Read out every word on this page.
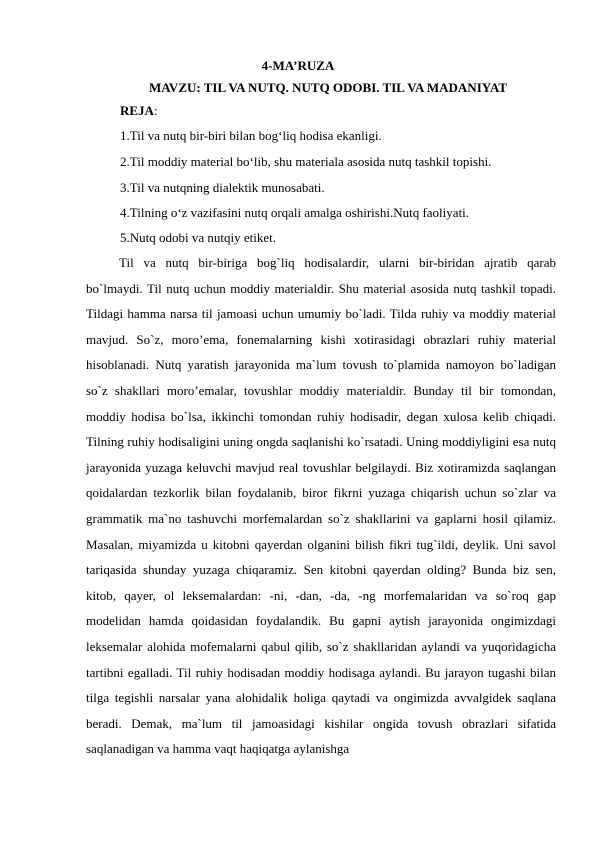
4-MA’RUZA
MAVZU: TIL VA NUTQ. NUTQ ODOBI. TIL VA MADANIYAT
REJA:
1.Til va nutq bir-biri bilan bog‘liq hodisa ekanligi.
2.Til moddiy material bo‘lib, shu materiala asosida nutq tashkil topishi.
3.Til va nutqning dialektik munosabati.
4.Tilning o‘z vazifasini nutq orqali amalga oshirishi.Nutq faoliyati.
5.Nutq odobi va nutqiy etiket.

Til va nutq bir-biriga bog`liq hodisalardir, ularni bir-biridan ajratib qarab bo`lmaydi. Til nutq uchun moddiy materialdir. Shu material asosida nutq tashkil topadi. Tildagi hamma narsa til jamoasi uchun umumiy bo`ladi. Tilda ruhiy va moddiy material mavjud. So`z, moro’ema, fonemalarning kishi xotirasidagi obrazlari ruhiy material hisoblanadi. Nutq yaratish jarayonida ma`lum tovush to`plamida namoyon bo`ladigan so`z shakllari moro’emalar, tovushlar moddiy materialdir. Bunday til bir tomondan, moddiy hodisa bo`lsa, ikkinchi tomondan ruhiy hodisadir, degan xulosa kelib chiqadi. Tilning ruhiy hodisaligini uning ongda saqlanishi ko`rsatadi. Uning moddiyligini esa nutq jarayonida yuzaga keluvchi mavjud real tovushlar belgilaydi. Biz xotiramizda saqlangan qoidalardan tezkorlik bilan foydalanib, biror fikrni yuzaga chiqarish uchun so`zlar va grammatik ma`no tashuvchi morfemalardan so`z shakllarini va gaplarni hosil qilamiz. Masalan, miyamizda u kitobni qayerdan olganini bilish fikri tug`ildi, deylik. Uni savol tariqasida shunday yuzaga chiqaramiz. Sen kitobni qayerdan olding? Bunda biz sen, kitob, qayer, ol leksemalardan: -ni, -dan, -da, -ng morfemalaridan va so`roq gap modelidan hamda qoidasidan foydalandik. Bu gapni aytish jarayonida ongimizdagi leksemalar alohida mofemalarni qabul qilib, so`z shakllaridan aylandi va yuqoridagicha tartibni egalladi. Til ruhiy hodisadan moddiy hodisaga aylandi. Bu jarayon tugashi bilan tilga tegishli narsalar yana alohidalik holiga qaytadi va ongimizda avvalgidek saqlana beradi. Demak, ma`lum til jamoasidagi kishilar ongida tovush obrazlari sifatida saqlanadigan va hamma vaqt haqiqatga aylanishga
